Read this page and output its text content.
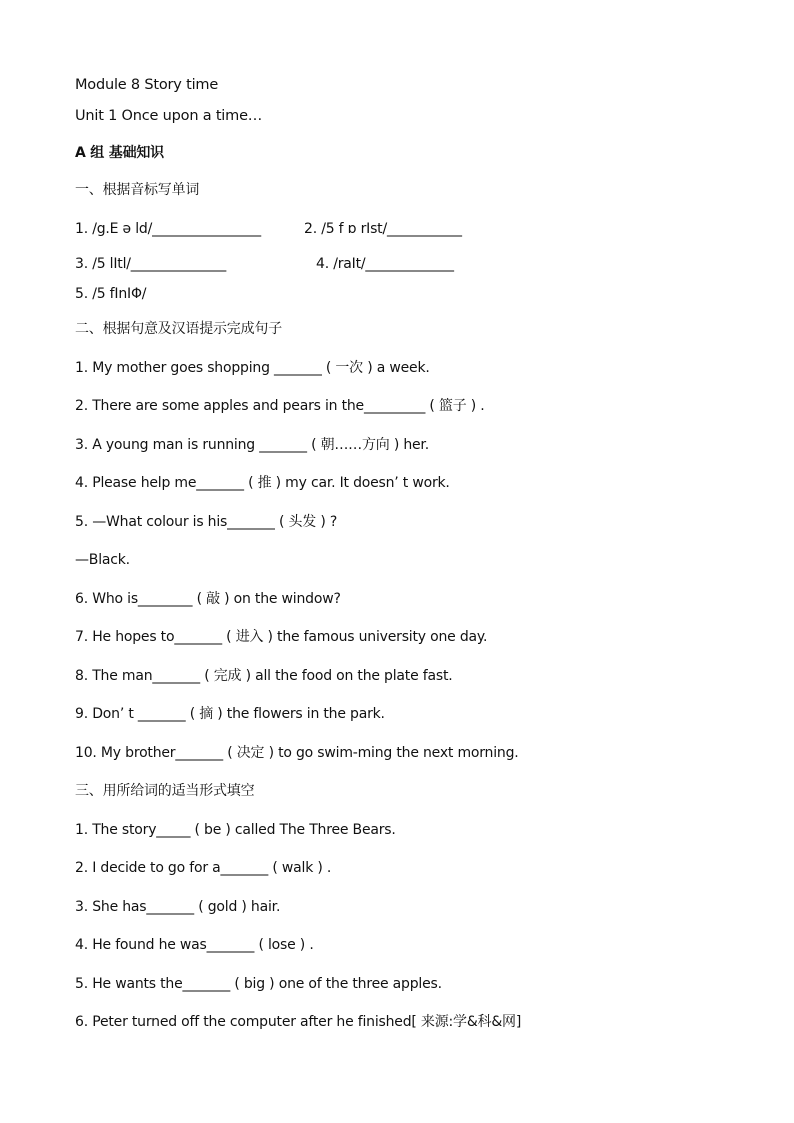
Module 8 Story time
Unit 1 Once upon a time…
A 组 基础知识
一、根据音标写单词
1. /g.E ə ld/________________	2. /5 f ɒ rIst/___________
3. /5 lItl/______________	4. /raIt/_____________
5. /5 fInIΦ/
二、根据句意及汉语提示完成句子
1. My mother goes shopping _______ ( 一次 ) a week.
2. There are some apples and pears in the_________ ( 篮子 ) .
3. A young man is running _______ ( 朝……方向 ) her.
4. Please help me_______ ( 推 ) my car. It doesn’ t work.
5. —What colour is his_______ ( 头发 ) ?
—Black.
6. Who is________ ( 敲 ) on the window?
7. He hopes to_______ ( 进入 ) the famous university one day.
8. The man_______ ( 完成 ) all the food on the plate fast.
9. Don’ t _______ ( 摘 ) the flowers in the park.
10. My brother_______ ( 决定 ) to go swim-ming the next morning.
三、用所给词的适当形式填空
1. The story_____ ( be ) called The Three Bears.
2. I decide to go for a_______ ( walk ) .
3. She has_______ ( gold ) hair.
4. He found he was_______ ( lose ) .
5. He wants the_______ ( big ) one of the three apples.
6. Peter turned off the computer after he finished[ 来源:学&科&网]
